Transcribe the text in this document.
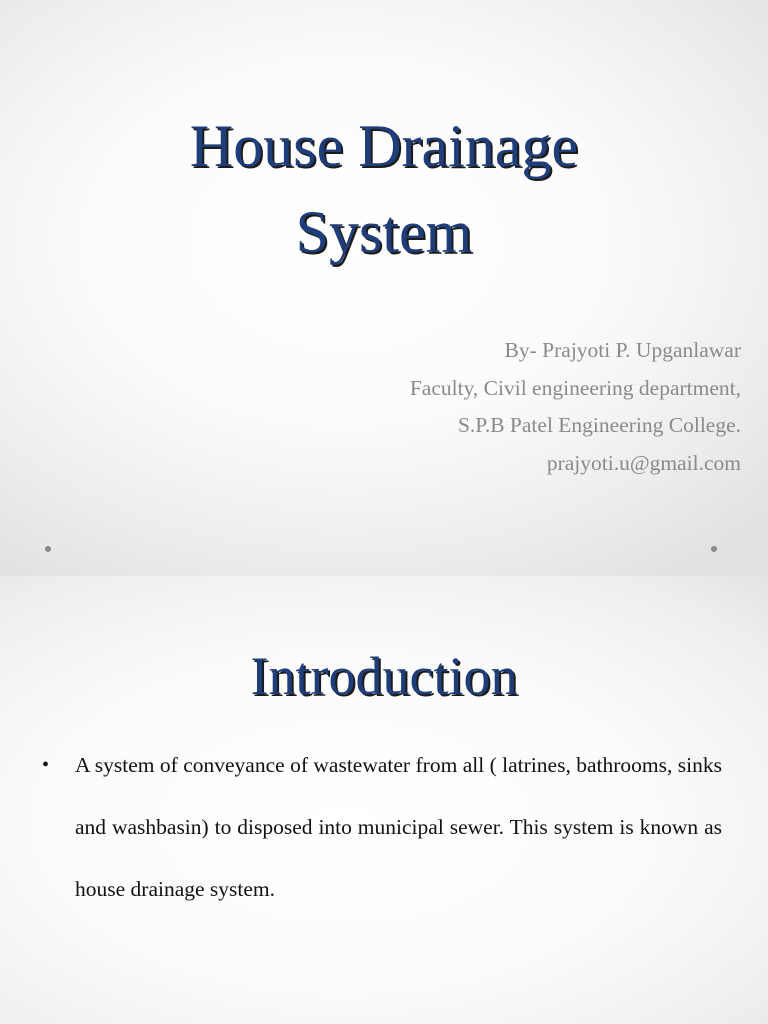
House Drainage
System
By- Prajyoti P. Upganlawar
Faculty, Civil engineering department,
S.P.B Patel Engineering College.
prajyoti.u@gmail.com
Introduction
• A system of conveyance of wastewater from all ( latrines, bathrooms, sinks and washbasin) to disposed into municipal sewer. This system is known as house drainage system.
